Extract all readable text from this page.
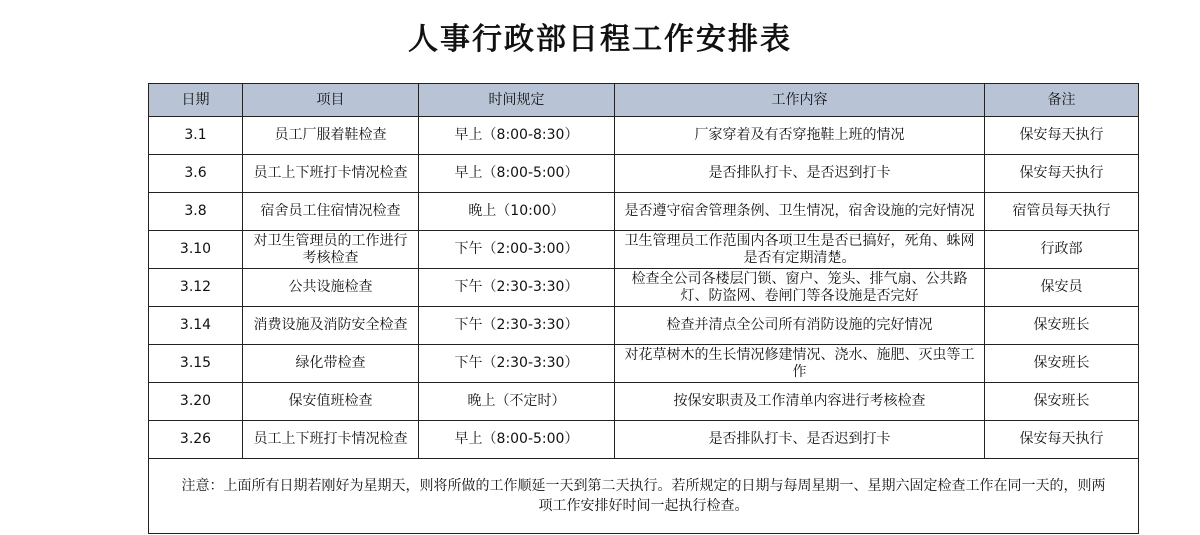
人事行政部日程工作安排表
日期	项目	时间规定	工作内容	备注
3.1	员工厂服着鞋检查	早上（8:00-8:30）	厂家穿着及有否穿拖鞋上班的情况	保安每天执行
3.6	员工上下班打卡情况检查	早上（8:00-5:00）	是否排队打卡、是否迟到打卡	保安每天执行
3.8	宿舍员工住宿情况检查	晚上（10:00）	是否遵守宿舍管理条例、卫生情况，宿舍设施的完好情况	宿管员每天执行
3.10	对卫生管理员的工作进行考核检查	下午（2:00-3:00）	卫生管理员工作范围内各项卫生是否已搞好，死角、蛛网是否有定期清楚。	行政部
3.12	公共设施检查	下午（2:30-3:30）	检查全公司各楼层门锁、窗户、笼头、排气扇、公共路灯、防盗网、卷闸门等各设施是否完好	保安员
3.14	消费设施及消防安全检查	下午（2:30-3:30）	检查并清点全公司所有消防设施的完好情况	保安班长
3.15	绿化带检查	下午（2:30-3:30）	对花草树木的生长情况修建情况、浇水、施肥、灭虫等工作	保安班长
3.20	保安值班检查	晚上（不定时）	按保安职责及工作清单内容进行考核检查	保安班长
3.26	员工上下班打卡情况检查	早上（8:00-5:00）	是否排队打卡、是否迟到打卡	保安每天执行
注意：上面所有日期若刚好为星期天，则将所做的工作顺延一天到第二天执行。若所规定的日期与每周星期一、星期六固定检查工作在同一天的，则两项工作安排好时间一起执行检查。				
